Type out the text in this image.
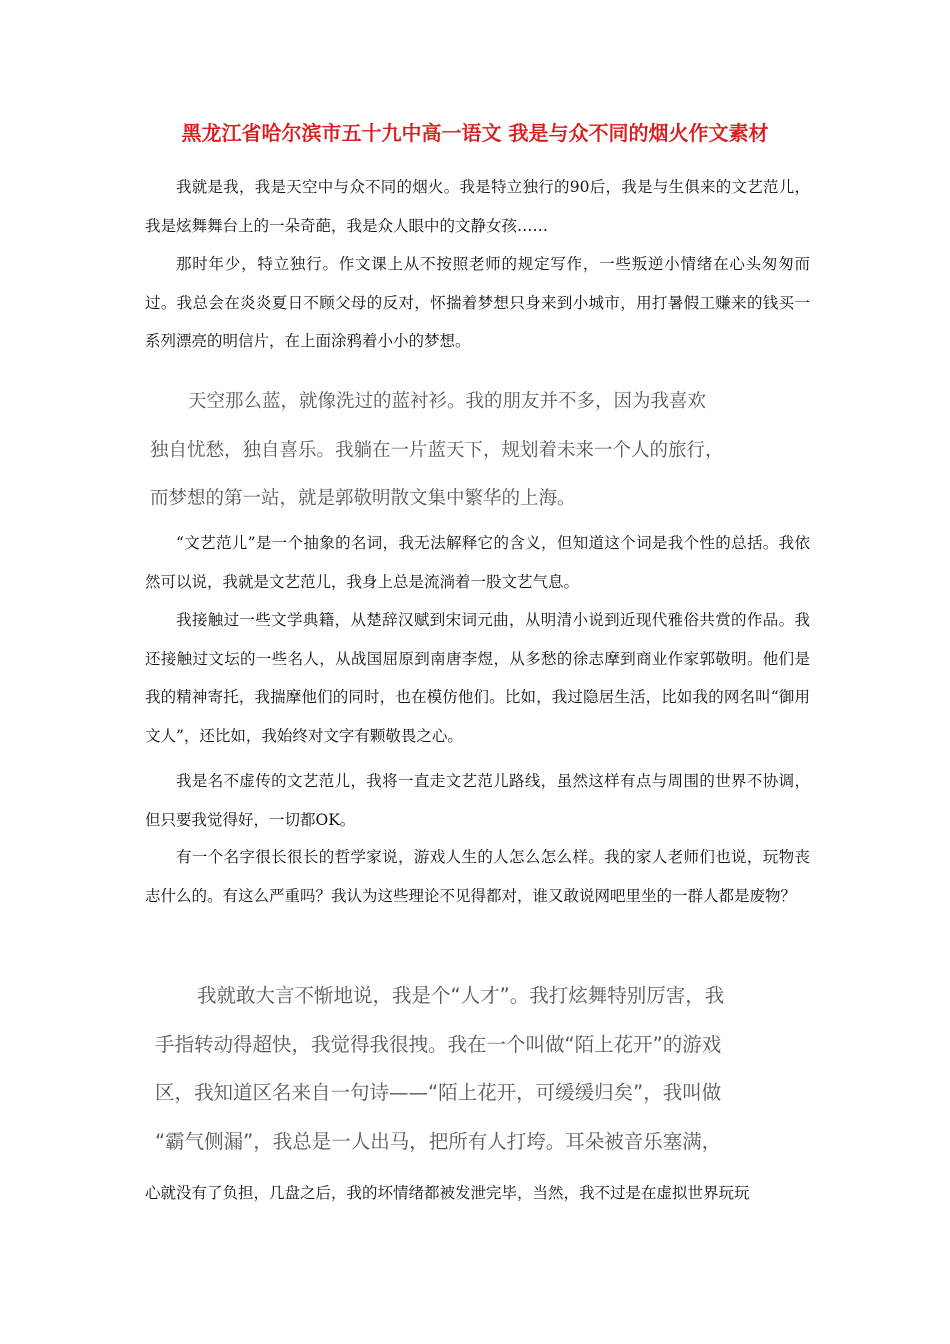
黑龙江省哈尔滨市五十九中高一语文 我是与众不同的烟火作文素材

我就是我，我是天空中与众不同的烟火。我是特立独行的90后，我是与生俱来的文艺范儿，我是炫舞舞台上的一朵奇葩，我是众人眼中的文静女孩……

那时年少，特立独行。作文课上从不按照老师的规定写作，一些叛逆小情绪在心头匆匆而过。我总会在炎炎夏日不顾父母的反对，怀揣着梦想只身来到小城市，用打暑假工赚来的钱买一系列漂亮的明信片，在上面涂鸦着小小的梦想。

天空那么蓝，就像洗过的蓝衬衫。我的朋友并不多，因为我喜欢
独自忧愁，独自喜乐。我躺在一片蓝天下，规划着未来一个人的旅行，
而梦想的第一站，就是郭敬明散文集中繁华的上海。

“文艺范儿”是一个抽象的名词，我无法解释它的含义，但知道这个词是我个性的总括。我依然可以说，我就是文艺范儿，我身上总是流淌着一股文艺气息。

我接触过一些文学典籍，从楚辞汉赋到宋词元曲，从明清小说到近现代雅俗共赏的作品。我还接触过文坛的一些名人，从战国屈原到南唐李煜，从多愁的徐志摩到商业作家郭敬明。他们是我的精神寄托，我揣摩他们的同时，也在模仿他们。比如，我过隐居生活，比如我的网名叫“御用文人”，还比如，我始终对文字有颗敬畏之心。

我是名不虚传的文艺范儿，我将一直走文艺范儿路线，虽然这样有点与周围的世界不协调，但只要我觉得好，一切都OK。

有一个名字很长很长的哲学家说，游戏人生的人怎么怎么样。我的家人老师们也说，玩物丧志什么的。有这么严重吗？我认为这些理论不见得都对，谁又敢说网吧里坐的一群人都是废物？

我就敢大言不惭地说，我是个“人才”。我打炫舞特别厉害，我
手指转动得超快，我觉得我很拽。我在一个叫做“陌上花开”的游戏
区，我知道区名来自一句诗——“陌上花开，可缓缓归矣”，我叫做
“霸气侧漏”，我总是一人出马，把所有人打垮。耳朵被音乐塞满，

心就没有了负担，几盘之后，我的坏情绪都被发泄完毕，当然，我不过是在虚拟世界玩玩
